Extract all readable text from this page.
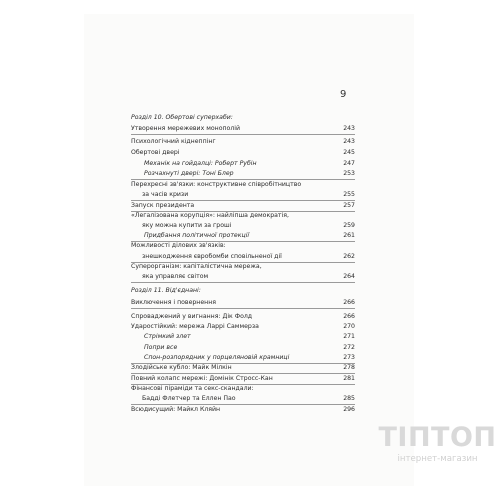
9
Розділ 10. Обертові суперхаби:
Утворення мережевих монополій	243
Психологічний кіднеппінг	243
Обертові двері	245
Механік на гойдалці: Роберт Рубін	247
Розчахнуті двері: Тоні Блер	253
Перехресні зв'язки: конструктивне співробітництво
за часів кризи	255
Запуск президента	257
«Легалізована корупція»: найліпша демократія,
яку можна купити за гроші	259
Придбання політичної протекції	261
Можливості ділових зв'язків:
знешкодження євробомби сповільненої дії	262
Суперорганізм: капіталістична мережа,
яка управляє світом	264
Розділ 11. Від'єднані:
Виключення і повернення	266
Спроваджений у вигнання: Дік Фолд	266
Ударостійкий: мережа Ларрі Саммерза	270
Стрімкий злет	271
Попри все	272
Спон-розпорядник у порцеляновій крамниці	273
Злодійське кубло: Майк Мілкін	278
Повний колапс мережі: Домінік Стросс-Кан	281
Фінансові піраміди та секс-скандали:
Бадді Флетчер та Еллен Пао	285
Всюдисущий: Майкл Кляйн	296
ТІПТОП
інтернет-магазин
